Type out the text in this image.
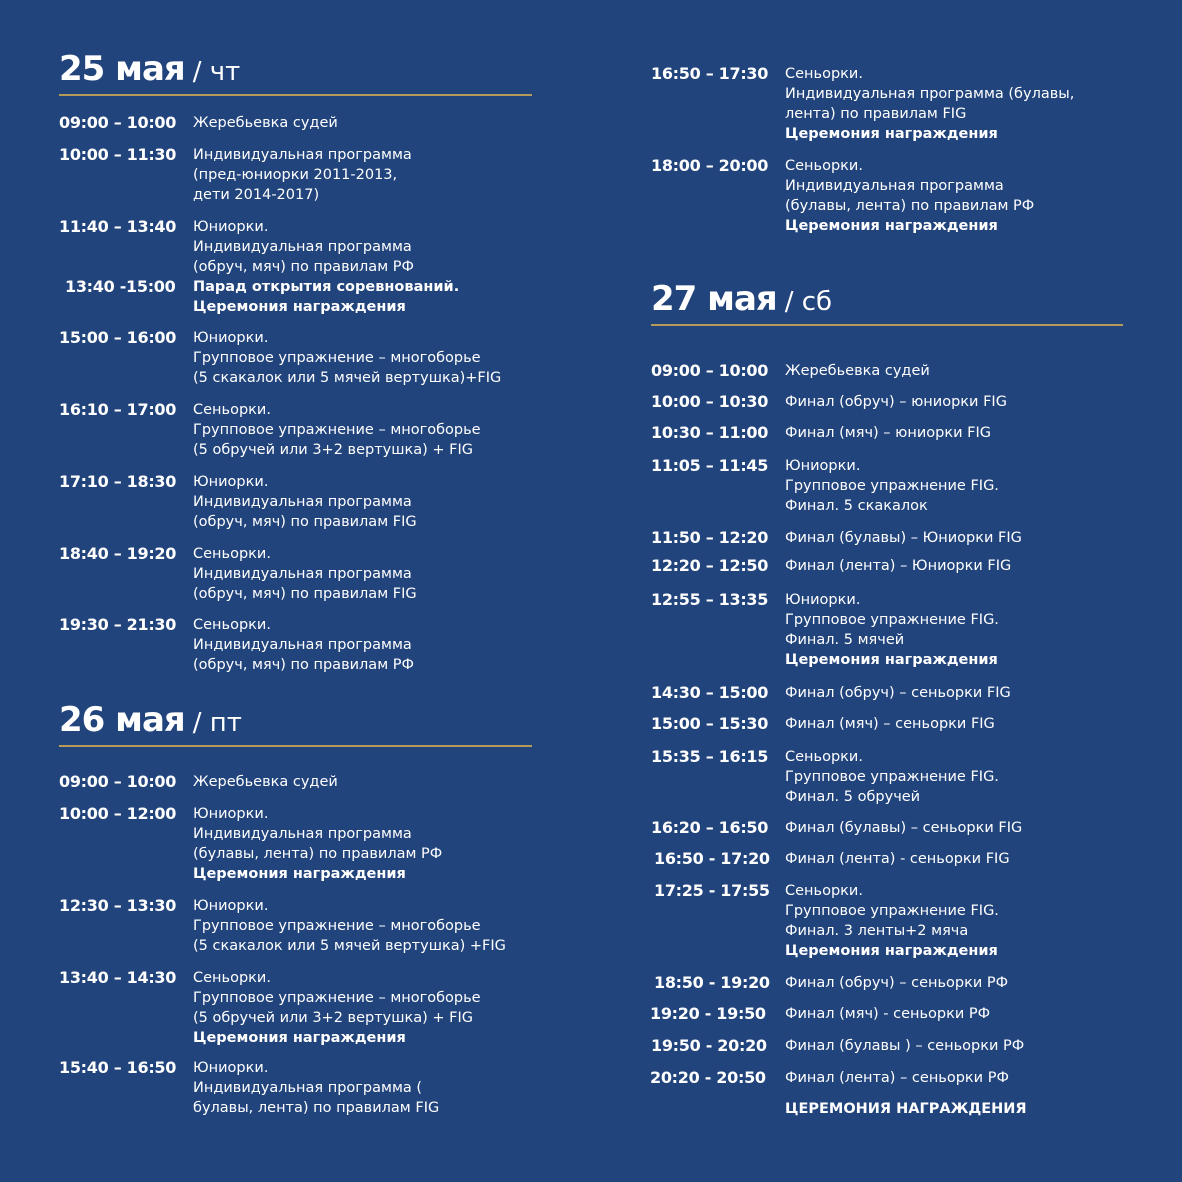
25 мая / чт
09:00 – 10:00 Жеребьевка судей
10:00 – 11:30 Индивидуальная программа
(пред-юниорки 2011-2013,
дети 2014-2017)
11:40 – 13:40 Юниорки.
Индивидуальная программа
(обруч, мяч) по правилам РФ
13:40 -15:00 Парад открытия соревнований.
Церемония награждения
15:00 – 16:00 Юниорки.
Групповое упражнение – многоборье
(5 скакалок или 5 мячей вертушка)+FIG
16:10 – 17:00 Сеньорки.
Групповое упражнение – многоборье
(5 обручей или 3+2 вертушка) + FIG
17:10 – 18:30 Юниорки.
Индивидуальная программа
(обруч, мяч) по правилам FIG
18:40 – 19:20 Сеньорки.
Индивидуальная программа
(обруч, мяч) по правилам FIG
19:30 – 21:30 Сеньорки.
Индивидуальная программа
(обруч, мяч) по правилам РФ
26 мая / пт
09:00 – 10:00 Жеребьевка судей
10:00 – 12:00 Юниорки.
Индивидуальная программа
(булавы, лента) по правилам РФ
Церемония награждения
12:30 – 13:30 Юниорки.
Групповое упражнение – многоборье
(5 скакалок или 5 мячей вертушка) +FIG
13:40 – 14:30 Сеньорки.
Групповое упражнение – многоборье
(5 обручей или 3+2 вертушка) + FIG
Церемония награждения
15:40 – 16:50 Юниорки.
Индивидуальная программа (
булавы, лента) по правилам FIG
16:50 – 17:30 Сеньорки.
Индивидуальная программа (булавы,
лента) по правилам FIG
Церемония награждения
18:00 – 20:00 Сеньорки.
Индивидуальная программа
(булавы, лента) по правилам РФ
Церемония награждения
27 мая / сб
09:00 – 10:00 Жеребьевка судей
10:00 – 10:30 Финал (обруч) – юниорки FIG
10:30 – 11:00 Финал (мяч) – юниорки FIG
11:05 – 11:45 Юниорки.
Групповое упражнение FIG.
Финал. 5 скакалок
11:50 – 12:20 Финал (булавы) – Юниорки FIG
12:20 – 12:50 Финал (лента) – Юниорки FIG
12:55 – 13:35 Юниорки.
Групповое упражнение FIG.
Финал. 5 мячей
Церемония награждения
14:30 – 15:00 Финал (обруч) – сеньорки FIG
15:00 – 15:30 Финал (мяч) – сеньорки FIG
15:35 – 16:15 Сеньорки.
Групповое упражнение FIG.
Финал. 5 обручей
16:20 – 16:50 Финал (булавы) – сеньорки FIG
16:50 - 17:20 Финал (лента) - сеньорки FIG
17:25 - 17:55 Сеньорки.
Групповое упражнение FIG.
Финал. 3 ленты+2 мяча
Церемония награждения
18:50 - 19:20 Финал (обруч) – сеньорки РФ
19:20 - 19:50 Финал (мяч) - сеньорки РФ
19:50 - 20:20 Финал (булавы ) – сеньорки РФ
20:20 - 20:50 Финал (лента) – сеньорки РФ
ЦЕРЕМОНИЯ НАГРАЖДЕНИЯ
